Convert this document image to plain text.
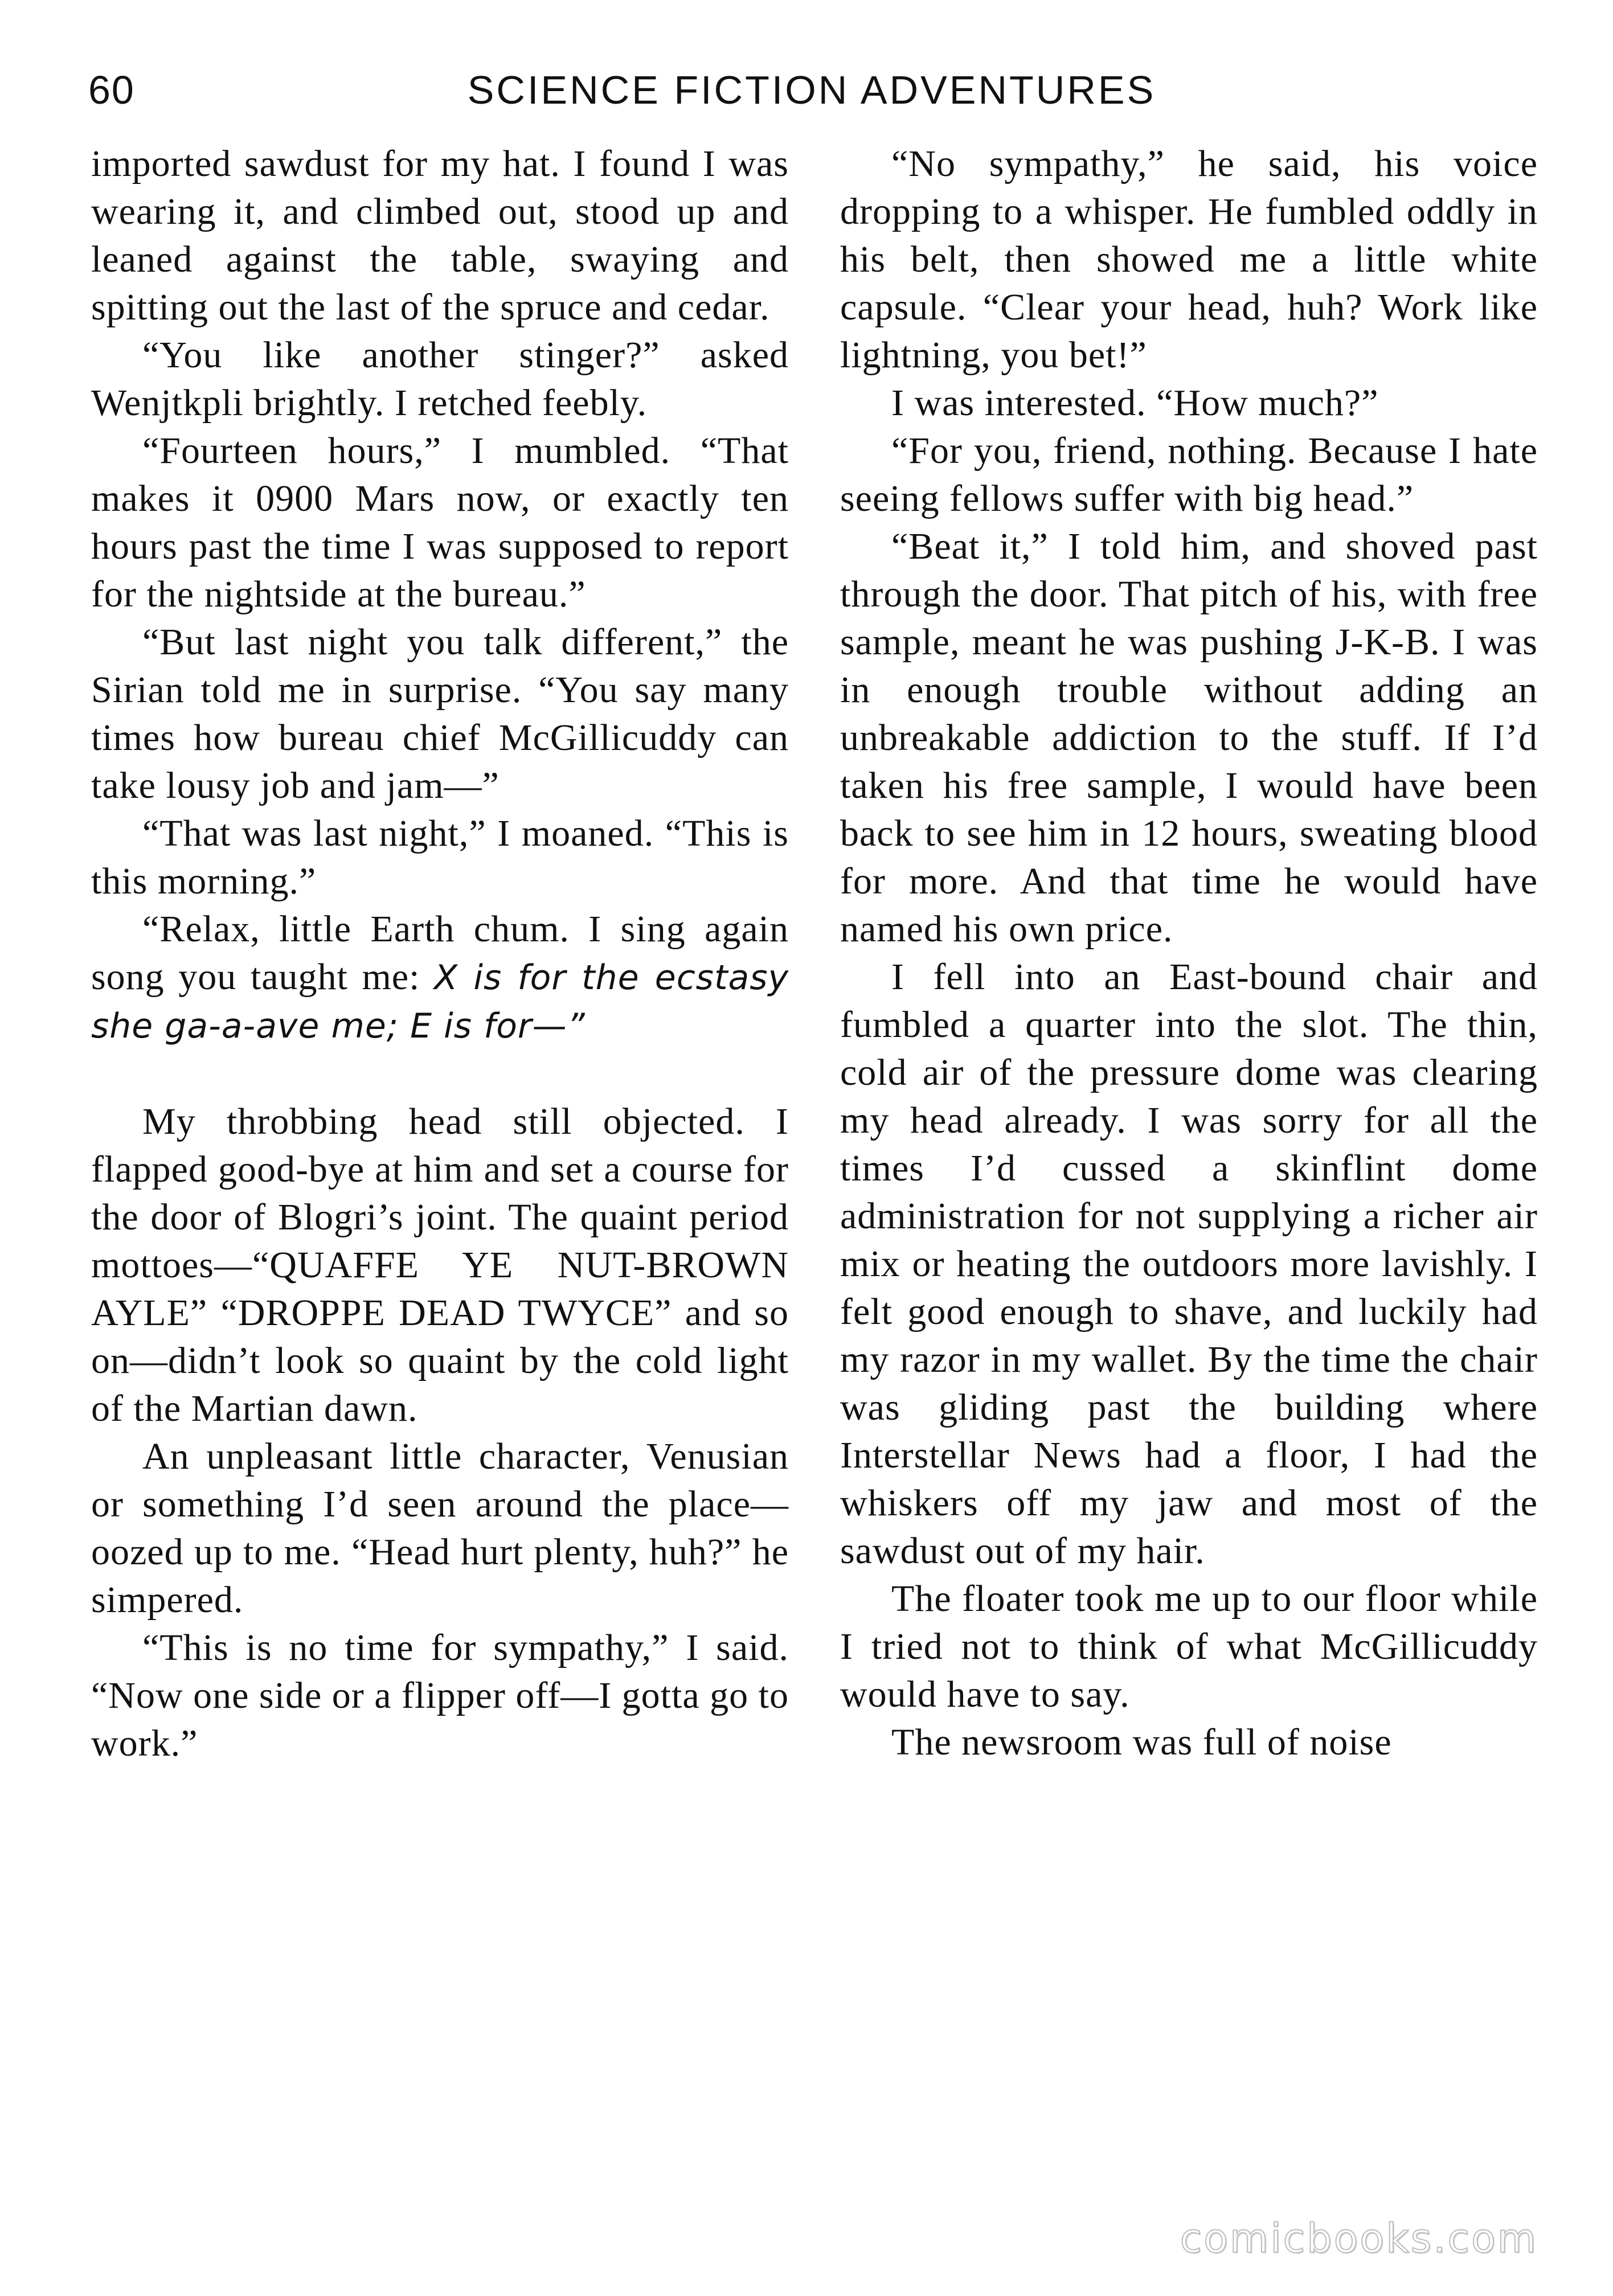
60	SCIENCE FICTION ADVENTURES

imported sawdust for my hat. I found I was wearing it, and climbed out, stood up and leaned against the table, swaying and spitting out the last of the spruce and cedar.

“You like another stinger?” asked Wenjtkpli brightly. I retched feebly.

“Fourteen hours,” I mumbled. “That makes it 0900 Mars now, or exactly ten hours past the time I was supposed to report for the nightside at the bureau.”

“But last night you talk different,” the Sirian told me in surprise. “You say many times how bureau chief McGillicuddy can take lousy job and jam—”

“That was last night,” I moaned. “This is this morning.”

“Relax, little Earth chum. I sing again song you taught me: X is for the ecstasy she ga-a-ave me; E is for—”

My throbbing head still objected. I flapped good-bye at him and set a course for the door of Blogri’s joint. The quaint period mottoes—“QUAFFE YE NUT-BROWN AYLE” “DROPPE DEAD TWYCE” and so on—didn’t look so quaint by the cold light of the Martian dawn.

An unpleasant little character, Venusian or something I’d seen around the place—oozed up to me. “Head hurt plenty, huh?” he simpered.

“This is no time for sympathy,” I said. “Now one side or a flipper off—I gotta go to work.”

“No sympathy,” he said, his voice dropping to a whisper. He fumbled oddly in his belt, then showed me a little white capsule. “Clear your head, huh? Work like lightning, you bet!”

I was interested. “How much?”

“For you, friend, nothing. Because I hate seeing fellows suffer with big head.”

“Beat it,” I told him, and shoved past through the door. That pitch of his, with free sample, meant he was pushing J-K-B. I was in enough trouble without adding an unbreakable addiction to the stuff. If I’d taken his free sample, I would have been back to see him in 12 hours, sweating blood for more. And that time he would have named his own price.

I fell into an East-bound chair and fumbled a quarter into the slot. The thin, cold air of the pressure dome was clearing my head already. I was sorry for all the times I’d cussed a skinflint dome administration for not supplying a richer air mix or heating the outdoors more lavishly. I felt good enough to shave, and luckily had my razor in my wallet. By the time the chair was gliding past the building where Interstellar News had a floor, I had the whiskers off my jaw and most of the sawdust out of my hair.

The floater took me up to our floor while I tried not to think of what McGillicuddy would have to say.

The newsroom was full of noise

comicbooks.com
